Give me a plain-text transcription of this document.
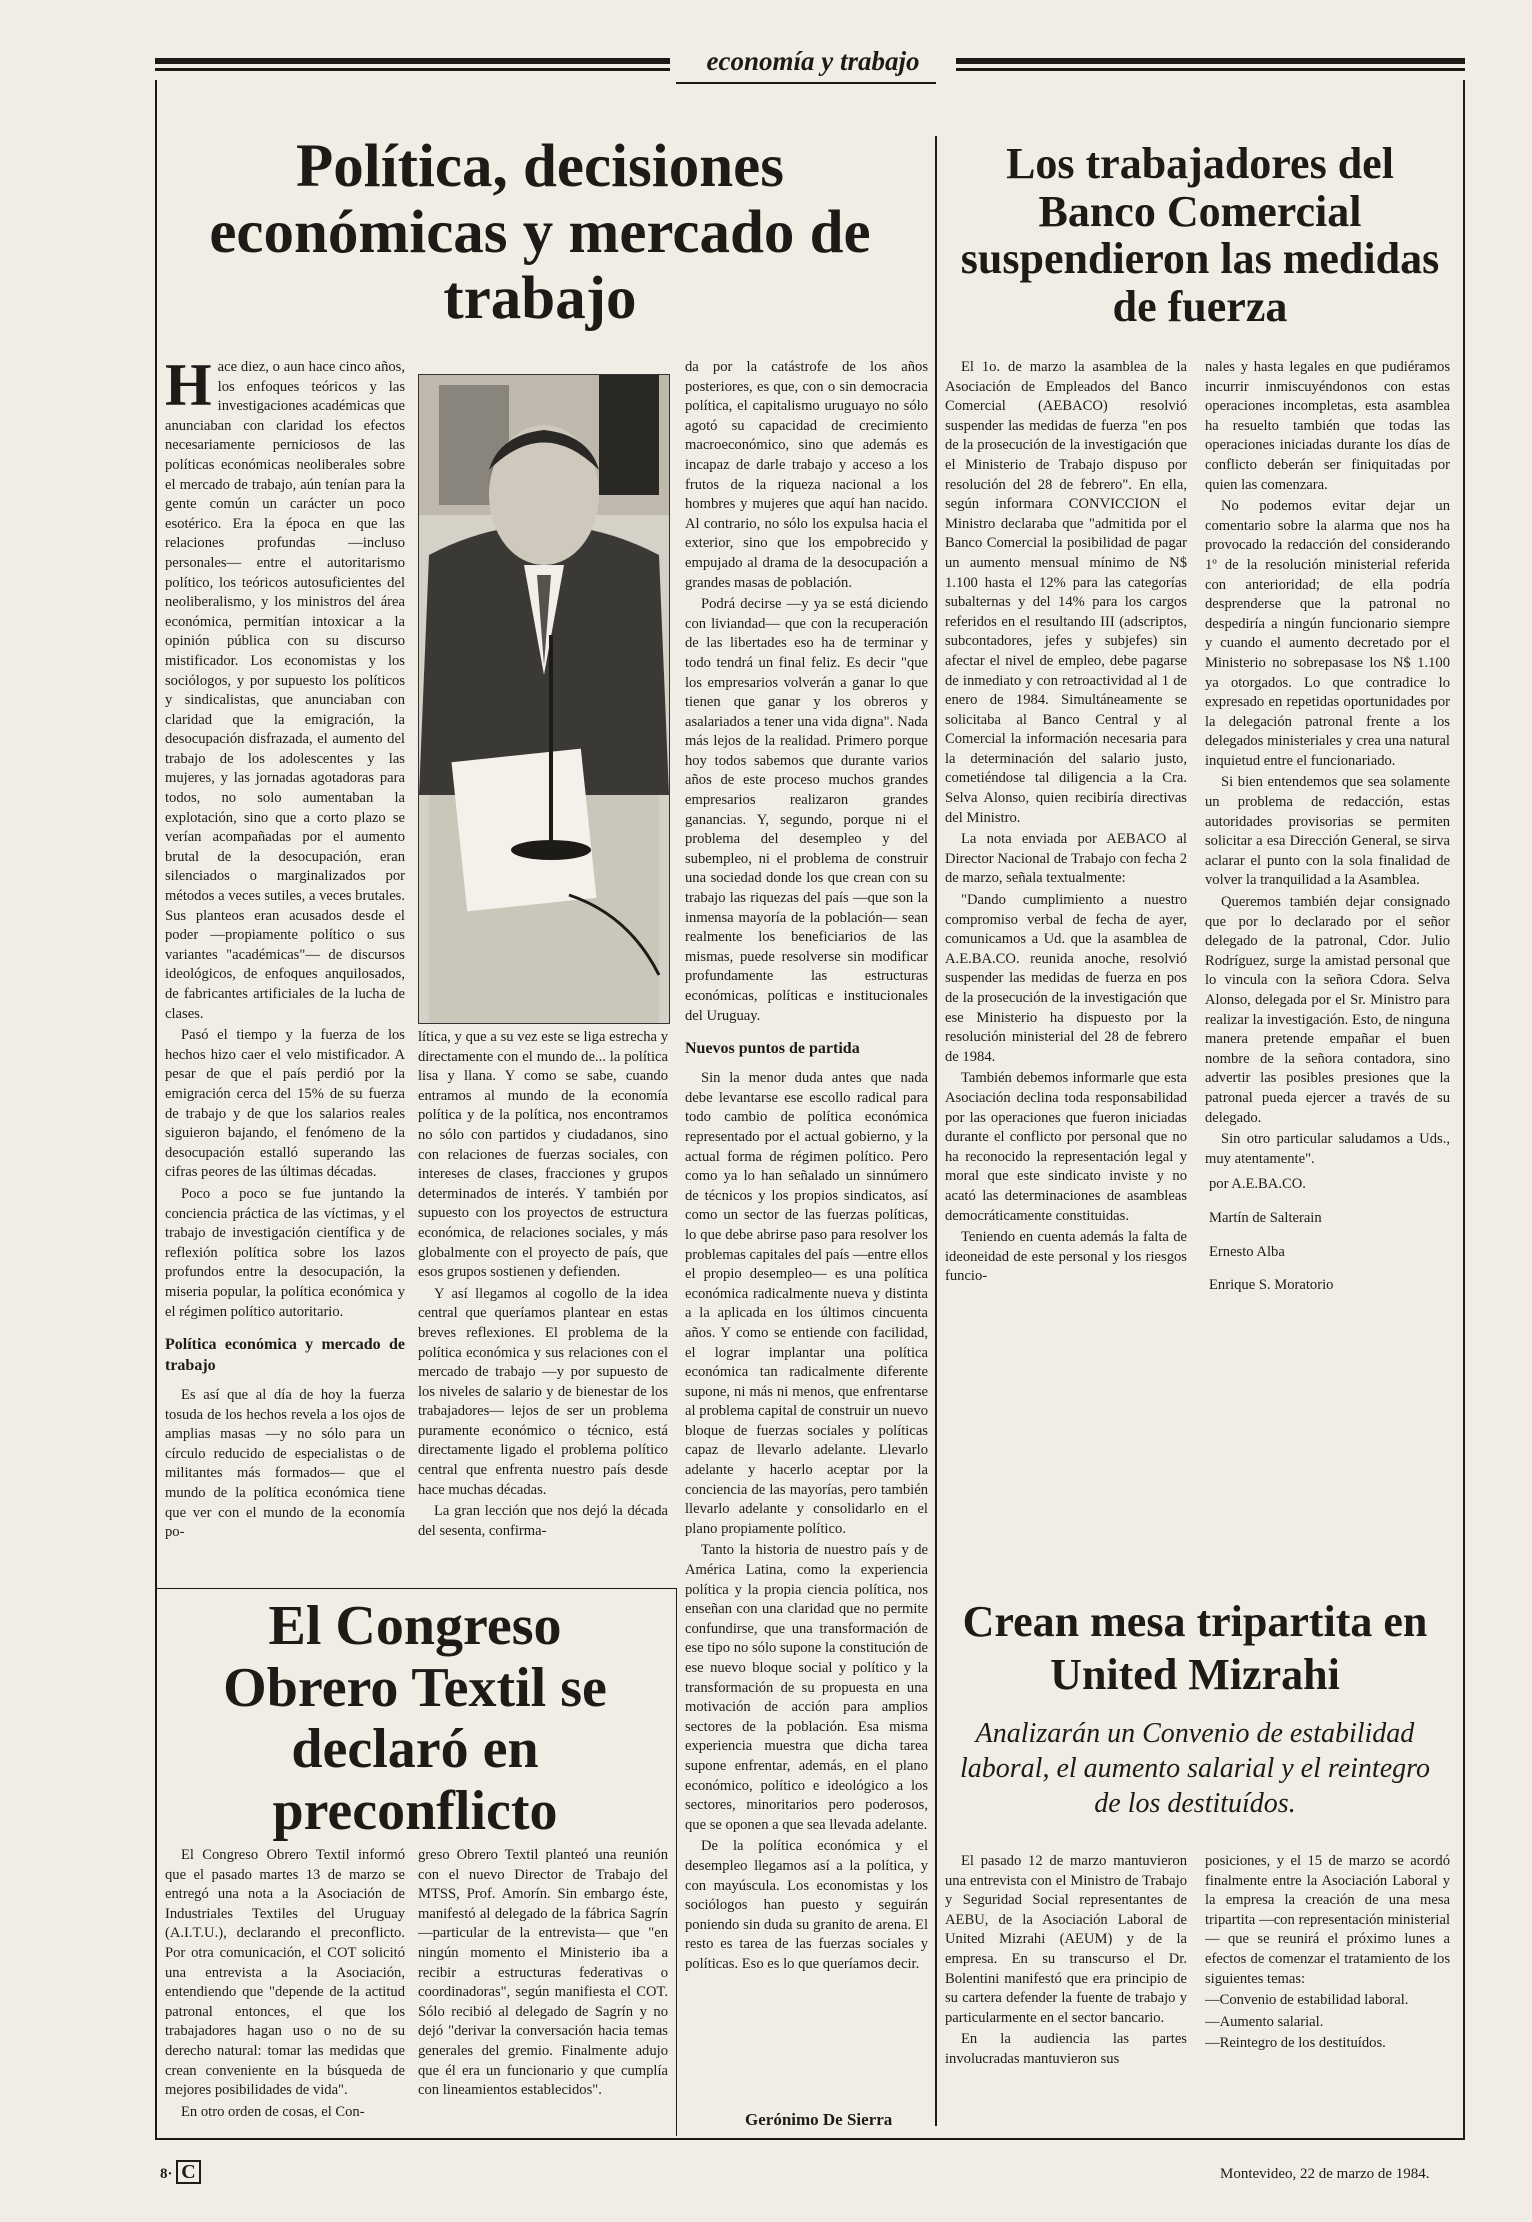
economía y trabajo
Política, decisiones económicas y mercado de trabajo
H ace diez, o aun hace cinco años, los enfoques teóricos y las investigaciones académicas que anunciaban con claridad los efectos necesariamente perniciosos de las políticas económicas neoliberales sobre el mercado de trabajo, aún tenían para la gente común un carácter un poco esotérico. Era la época en que las relaciones profundas —incluso personales— entre el autoritarismo político, los teóricos autosuficientes del neoliberalismo, y los ministros del área económica, permitían intoxicar a la opinión pública con su discurso mistificador. Los economistas y los sociólogos, y por supuesto los políticos y sindicalistas, que anunciaban con claridad que la emigración, la desocupación disfrazada, el aumento del trabajo de los adolescentes y las mujeres, y las jornadas agotadoras para todos, no solo aumentaban la explotación, sino que a corto plazo se verían acompañadas por el aumento brutal de la desocupación, eran silenciados o marginalizados por métodos a veces sutiles, a veces brutales. Sus planteos eran acusados desde el poder —propiamente político o sus variantes "académicas"— de discursos ideológicos, de enfoques anquilosados, de fabricantes artificiales de la lucha de clases.

Pasó el tiempo y la fuerza de los hechos hizo caer el velo mistificador. A pesar de que el país perdió por la emigración cerca del 15% de su fuerza de trabajo y de que los salarios reales siguieron bajando, el fenómeno de la desocupación estalló superando las cifras peores de las últimas décadas.

Poco a poco se fue juntando la conciencia práctica de las víctimas, y el trabajo de investigación científica y de reflexión política sobre los lazos profundos entre la desocupación, la miseria popular, la política económica y el régimen político autoritario.

Política económica y mercado de trabajo

Es así que al día de hoy la fuerza tosuda de los hechos revela a los ojos de amplias masas —y no sólo para un círculo reducido de especialistas o de militantes más formados— que el mundo de la política económica tiene que ver con el mundo de la economía po-

lítica, y que a su vez este se liga estrecha y directamente con el mundo de... la política lisa y llana. Y como se sabe, cuando entramos al mundo de la economía política y de la política, nos encontramos no sólo con partidos y ciudadanos, sino con relaciones de fuerzas sociales, con intereses de clases, fracciones y grupos determinados de interés. Y también por supuesto con los proyectos de estructura económica, de relaciones sociales, y más globalmente con el proyecto de país, que esos grupos sostienen y defienden.

Y así llegamos al cogollo de la idea central que queríamos plantear en estas breves reflexiones. El problema de la política económica y sus relaciones con el mercado de trabajo —y por supuesto de los niveles de salario y de bienestar de los trabajadores— lejos de ser un problema puramente económico o técnico, está directamente ligado el problema político central que enfrenta nuestro país desde hace muchas décadas.

La gran lección que nos dejó la década del sesenta, confirma-

da por la catástrofe de los años posteriores, es que, con o sin democracia política, el capitalismo uruguayo no sólo agotó su capacidad de crecimiento macroeconómico, sino que además es incapaz de darle trabajo y acceso a los frutos de la riqueza nacional a los hombres y mujeres que aquí han nacido. Al contrario, no sólo los expulsa hacia el exterior, sino que los empobrecido y empujado al drama de la desocupación a grandes masas de población.

Podrá decirse —y ya se está diciendo con liviandad— que con la recuperación de las libertades eso ha de terminar y todo tendrá un final feliz. Es decir "que los empresarios volverán a ganar lo que tienen que ganar y los obreros y asalariados a tener una vida digna". Nada más lejos de la realidad. Primero porque hoy todos sabemos que durante varios años de este proceso muchos grandes empresarios realizaron grandes ganancias. Y, segundo, porque ni el problema del desempleo y del subempleo, ni el problema de construir una sociedad donde los que crean con su trabajo las riquezas del país —que son la inmensa mayoría de la población— sean realmente los beneficiarios de las mismas, puede resolverse sin modificar profundamente las estructuras económicas, políticas e institucionales del Uruguay.

Nuevos puntos de partida

Sin la menor duda antes que nada debe levantarse ese escollo radical para todo cambio de política económica representado por el actual gobierno, y la actual forma de régimen político. Pero como ya lo han señalado un sinnúmero de técnicos y los propios sindicatos, así como un sector de las fuerzas políticas, lo que debe abrirse paso para resolver los problemas capitales del país —entre ellos el propio desempleo— es una política económica radicalmente nueva y distinta a la aplicada en los últimos cincuenta años. Y como se entiende con facilidad, el lograr implantar una política económica tan radicalmente diferente supone, ni más ni menos, que enfrentarse al problema capital de construir un nuevo bloque de fuerzas sociales y políticas capaz de llevarlo adelante. Llevarlo adelante y hacerlo aceptar por la conciencia de las mayorías, pero también llevarlo adelante y consolidarlo en el plano propiamente político.

Tanto la historia de nuestro país y de América Latina, como la experiencia política y la propia ciencia política, nos enseñan con una claridad que no permite confundirse, que una transformación de ese tipo no sólo supone la constitución de ese nuevo bloque social y político y la transformación de su propuesta en una motivación de acción para amplios sectores de la población. Esa misma experiencia muestra que dicha tarea supone enfrentar, además, en el plano económico, político e ideológico a los sectores, minoritarios pero poderosos, que se oponen a que sea llevada adelante.

De la política económica y el desempleo llegamos así a la política, y con mayúscula. Los economistas y los sociólogos han puesto y seguirán poniendo sin duda su granito de arena. El resto es tarea de las fuerzas sociales y políticas. Eso es lo que queríamos decir.

Gerónimo De Sierra
Los trabajadores del Banco Comercial suspendieron las medidas de fuerza

El 1o. de marzo la asamblea de la Asociación de Empleados del Banco Comercial (AEBACO) resolvió suspender las medidas de fuerza "en pos de la prosecución de la investigación que el Ministerio de Trabajo dispuso por resolución del 28 de febrero". En ella, según informara CONVICCION el Ministro declaraba que "admitida por el Banco Comercial la posibilidad de pagar un aumento mensual mínimo de N$ 1.100 hasta el 12% para las categorías subalternas y del 14% para los cargos referidos en el resultando III (adscriptos, subcontadores, jefes y subjefes) sin afectar el nivel de empleo, debe pagarse de inmediato y con retroactividad al 1 de enero de 1984. Simultáneamente se solicitaba al Banco Central y al Comercial la información necesaria para la determinación del salario justo, cometiéndose tal diligencia a la Cra. Selva Alonso, quien recibiría directivas del Ministro.

La nota enviada por AEBACO al Director Nacional de Trabajo con fecha 2 de marzo, señala textualmente:

"Dando cumplimiento a nuestro compromiso verbal de fecha de ayer, comunicamos a Ud. que la asamblea de A.E.BA.CO. reunida anoche, resolvió suspender las medidas de fuerza en pos de la prosecución de la investigación que ese Ministerio ha dispuesto por la resolución ministerial del 28 de febrero de 1984.

También debemos informarle que esta Asociación declina toda responsabilidad por las operaciones que fueron iniciadas durante el conflicto por personal que no ha reconocido la representación legal y moral que este sindicato inviste y no acató las determinaciones de asambleas democráticamente constituidas.

Teniendo en cuenta además la falta de ideoneidad de este personal y los riesgos funcio-

nales y hasta legales en que pudiéramos incurrir inmiscuyéndonos con estas operaciones incompletas, esta asamblea ha resuelto también que todas las operaciones iniciadas durante los días de conflicto deberán ser finiquitadas por quien las comenzara.

No podemos evitar dejar un comentario sobre la alarma que nos ha provocado la redacción del considerando 1º de la resolución ministerial referida con anterioridad; de ella podría desprenderse que la patronal no despediría a ningún funcionario siempre y cuando el aumento decretado por el Ministerio no sobrepasase los N$ 1.100 ya otorgados. Lo que contradice lo expresado en repetidas oportunidades por la delegación patronal frente a los delegados ministeriales y crea una natural inquietud entre el funcionariado.

Si bien entendemos que sea solamente un problema de redacción, estas autoridades provisorias se permiten solicitar a esa Dirección General, se sirva aclarar el punto con la sola finalidad de volver la tranquilidad a la Asamblea.

Queremos también dejar consignado que por lo declarado por el señor delegado de la patronal, Cdor. Julio Rodríguez, surge la amistad personal que lo vincula con la señora Cdora. Selva Alonso, delegada por el Sr. Ministro para realizar la investigación. Esto, de ninguna manera pretende empañar el buen nombre de la señora contadora, sino advertir las posibles presiones que la patronal pueda ejercer a través de su delegado.

Sin otro particular saludamos a Uds., muy atentamente".

por A.E.BA.CO.

Martín de Salterain

Ernesto Alba

Enrique S. Moratorio

El Congreso Obrero Textil se declaró en preconflicto

El Congreso Obrero Textil informó que el pasado martes 13 de marzo se entregó una nota a la Asociación de Industriales Textiles del Uruguay (A.I.T.U.), declarando el preconflicto. Por otra comunicación, el COT solicitó una entrevista a la Asociación, entendiendo que "depende de la actitud patronal entonces, el que los trabajadores hagan uso o no de su derecho natural: tomar las medidas que crean conveniente en la búsqueda de mejores posibilidades de vida".

En otro orden de cosas, el Con-

greso Obrero Textil planteó una reunión con el nuevo Director de Trabajo del MTSS, Prof. Amorín. Sin embargo éste, manifestó al delegado de la fábrica Sagrín —particular de la entrevista— que "en ningún momento el Ministerio iba a recibir a estructuras federativas o coordinadoras", según manifiesta el COT. Sólo recibió al delegado de Sagrín y no dejó "derivar la conversación hacia temas generales del gremio. Finalmente adujo que él era un funcionario y que cumplía con lineamientos establecidos".

Crean mesa tripartita en United Mizrahi
Analizarán un Convenio de estabilidad laboral, el aumento salarial y el reintegro de los destituídos.

El pasado 12 de marzo mantuvieron una entrevista con el Ministro de Trabajo y Seguridad Social representantes de AEBU, de la Asociación Laboral de United Mizrahi (AEUM) y de la empresa. En su transcurso el Dr. Bolentini manifestó que era principio de su cartera defender la fuente de trabajo y particularmente en el sector bancario.

En la audiencia las partes involucradas mantuvieron sus

posiciones, y el 15 de marzo se acordó finalmente entre la Asociación Laboral y la empresa la creación de una mesa tripartita —con representación ministerial— que se reunirá el próximo lunes a efectos de comenzar el tratamiento de los siguientes temas:

—Convenio de estabilidad laboral.

—Aumento salarial.

—Reintegro de los destituídos.

8· C	Montevideo, 22 de marzo de 1984.
